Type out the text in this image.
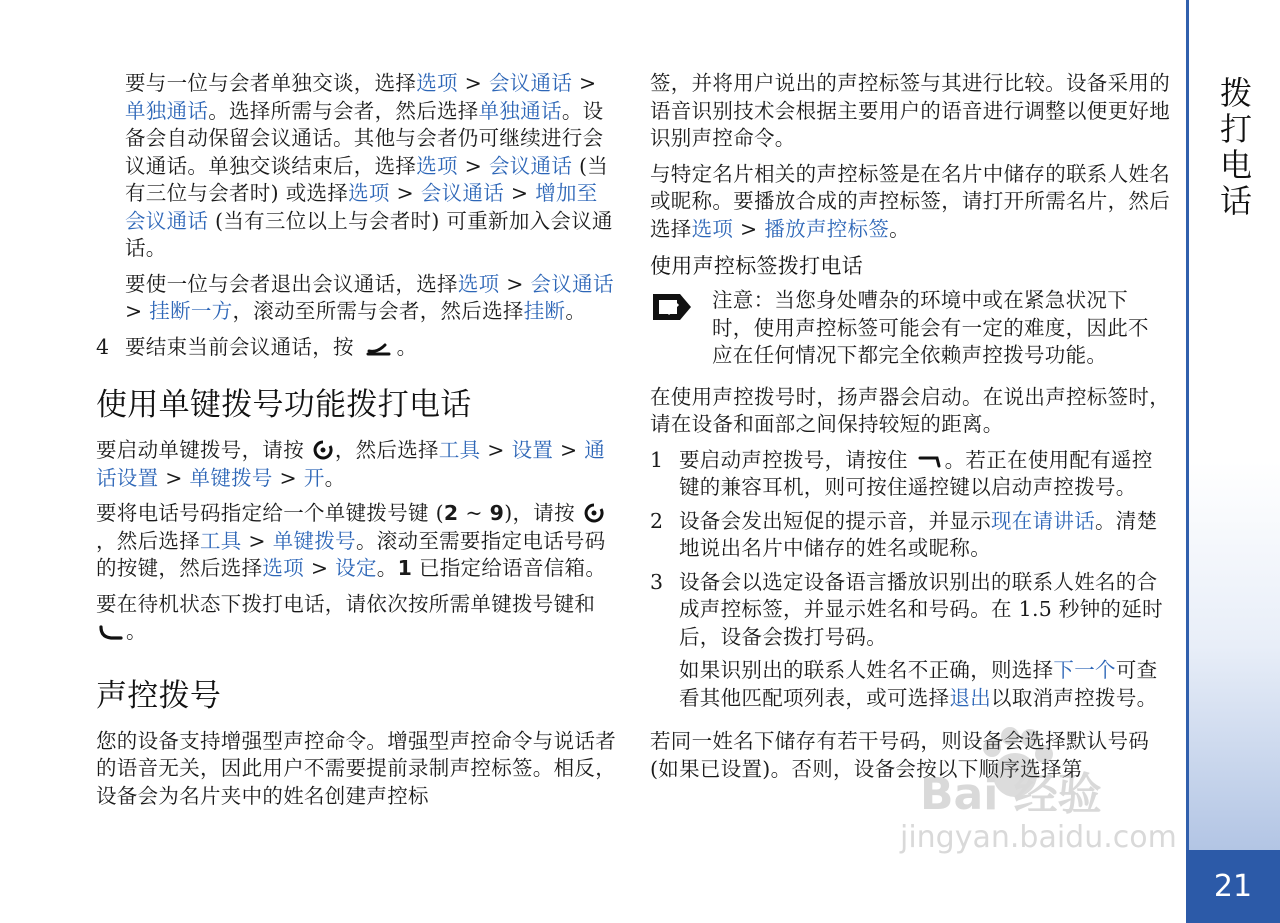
要与一位与会者单独交谈，选择选项 > 会议通话 > 单独通话。选择所需与会者，然后选择单独通话。设备会自动保留会议通话。其他与会者仍可继续进行会议通话。单独交谈结束后，选择选项 > 会议通话 (当有三位与会者时) 或选择选项 > 会议通话 > 增加至会议通话 (当有三位以上与会者时) 可重新加入会议通话。

要使一位与会者退出会议通话，选择选项 > 会议通话 > 挂断一方，滚动至所需与会者，然后选择挂断。

4 要结束当前会议通话，按 。
使用单键拨号功能拨打电话

要启动单键拨号，请按 ，然后选择工具 > 设置 > 通话设置 > 单键拨号 > 开。

要将电话号码指定给一个单键拨号键 (2 ~ 9)，请按 ，然后选择工具 > 单键拨号。滚动至需要指定电话号码的按键，然后选择选项 > 设定。1 已指定给语音信箱。

要在待机状态下拨打电话，请依次按所需单键拨号键和 。

声控拨号

您的设备支持增强型声控命令。增强型声控命令与说话者的语音无关，因此用户不需要提前录制声控标签。相反，设备会为名片夹中的姓名创建声控标

签，并将用户说出的声控标签与其进行比较。设备采用的语音识别技术会根据主要用户的语音进行调整以便更好地识别声控命令。

与特定名片相关的声控标签是在名片中储存的联系人姓名或昵称。要播放合成的声控标签，请打开所需名片，然后选择选项 > 播放声控标签。

使用声控标签拨打电话
注意：当您身处嘈杂的环境中或在紧急状况下时，使用声控标签可能会有一定的难度，因此不应在任何情况下都完全依赖声控拨号功能。

在使用声控拨号时，扬声器会启动。在说出声控标签时，请在设备和面部之间保持较短的距离。

1 要启动声控拨号，请按住 。若正在使用配有遥控键的兼容耳机，则可按住遥控键以启动声控拨号。
2 设备会发出短促的提示音，并显示现在请讲话。清楚地说出名片中储存的姓名或昵称。
3 设备会以选定设备语言播放识别出的联系人姓名的合成声控标签，并显示姓名和号码。在 1.5 秒钟的延时后，设备会拨打号码。

如果识别出的联系人姓名不正确，则选择下一个可查看其他匹配项列表，或可选择退出以取消声控拨号。

若同一姓名下储存有若干号码，则设备会选择默认号码 (如果已设置)。否则，设备会按以下顺序选择第

拨打电话
21
Bai 经验
jingyan.baidu.com
